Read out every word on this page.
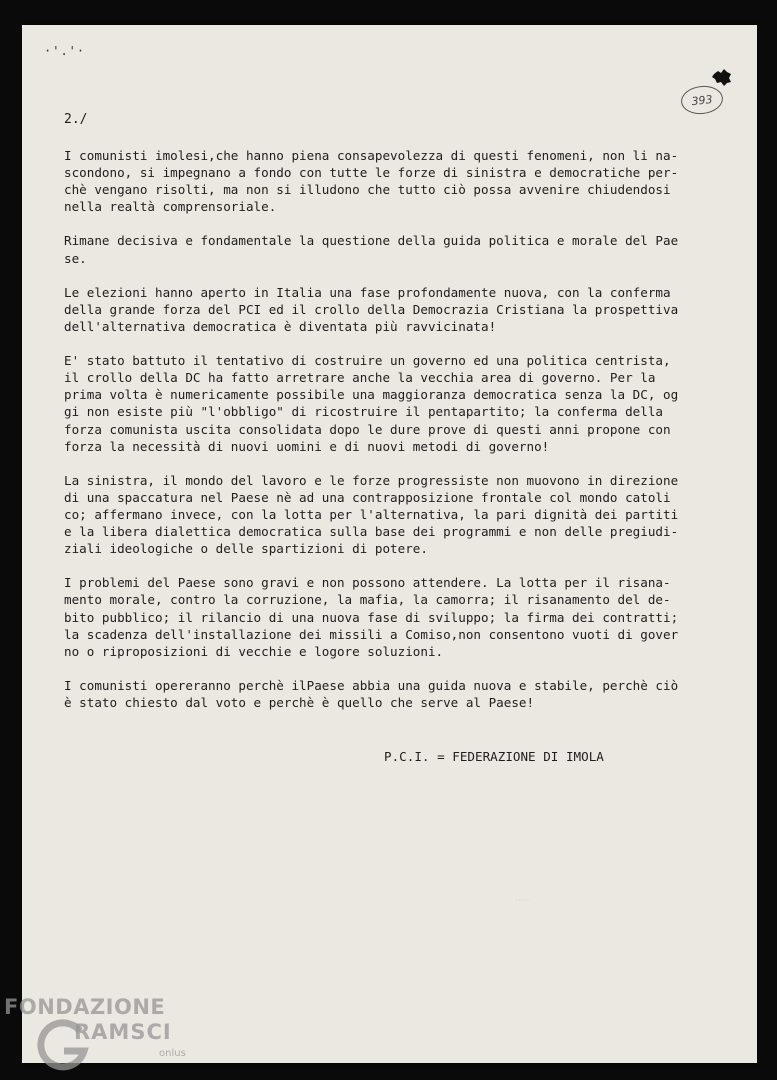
·'.'·
393
2./
I comunisti imolesi,che hanno piena consapevolezza di questi fenomeni, non li na-
scondono, si impegnano a fondo con tutte le forze di sinistra e democratiche per-
chè vengano risolti, ma non si illudono che tutto ciò possa avvenire chiudendosi
nella realtà comprensoriale.
Rimane decisiva e fondamentale la questione della guida politica e morale del Pae
se.
Le elezioni hanno aperto in Italia una fase profondamente nuova, con la conferma
della grande forza del PCI ed il crollo della Democrazia Cristiana la prospettiva
dell'alternativa democratica è diventata più ravvicinata!
E' stato battuto il tentativo di costruire un governo ed una politica centrista,
il crollo della DC ha fatto arretrare anche la vecchia area di governo. Per la
prima volta è numericamente possibile una maggioranza democratica senza la DC, og
gi non esiste più "l'obbligo" di ricostruire il pentapartito; la conferma della
forza comunista uscita consolidata dopo le dure prove di questi anni propone con
forza la necessità di nuovi uomini e di nuovi metodi di governo!
La sinistra, il mondo del lavoro e le forze progressiste non muovono in direzione
di una spaccatura nel Paese nè ad una contrapposizione frontale col mondo catoli
co; affermano invece, con la lotta per l'alternativa, la pari dignità dei partiti
e la libera dialettica democratica sulla base dei programmi e non delle pregiudi-
ziali ideologiche o delle spartizioni di potere.
I problemi del Paese sono gravi e non possono attendere. La lotta per il risana-
mento morale, contro la corruzione, la mafia, la camorra; il risanamento del de-
bito pubblico; il rilancio di una nuova fase di sviluppo; la firma dei contratti;
la scadenza dell'installazione dei missili a Comiso,non consentono vuoti di gover
no o riproposizioni di vecchie e logore soluzioni.
I comunisti opereranno perchè ilPaese abbia una guida nuova e stabile, perchè ciò
è stato chiesto dal voto e perchè è quello che serve al Paese!
P.C.I. = FEDERAZIONE DI IMOLA
·····
FONDAZIONE
RAMSCI
onlus
